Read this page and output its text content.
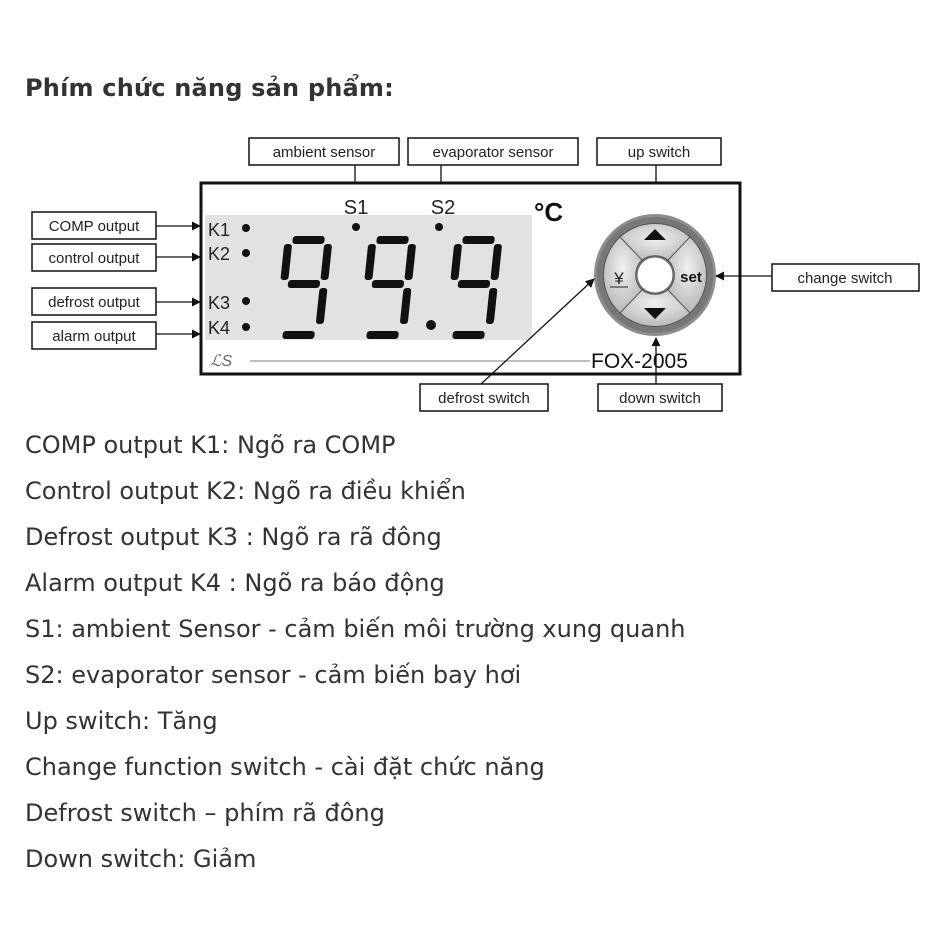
Phím chức năng sản phẩm:
ambient sensor	evaporator sensor	up switch
COMP output
control output
defrost output
alarm output
S1	S2	°C
K1
K2
K3
K4
ℒS	FOX-2005
¥	set	change switch
defrost switch	down switch
COMP output K1: Ngõ ra COMP
Control output K2: Ngõ ra điều khiển
Defrost output K3 : Ngõ ra rã đông
Alarm output K4 : Ngõ ra báo động
S1: ambient Sensor - cảm biến môi trường xung quanh
S2: evaporator sensor - cảm biến bay hơi
Up switch: Tăng
Change function switch - cài đặt chức năng
Defrost switch – phím rã đông
Down switch: Giảm
